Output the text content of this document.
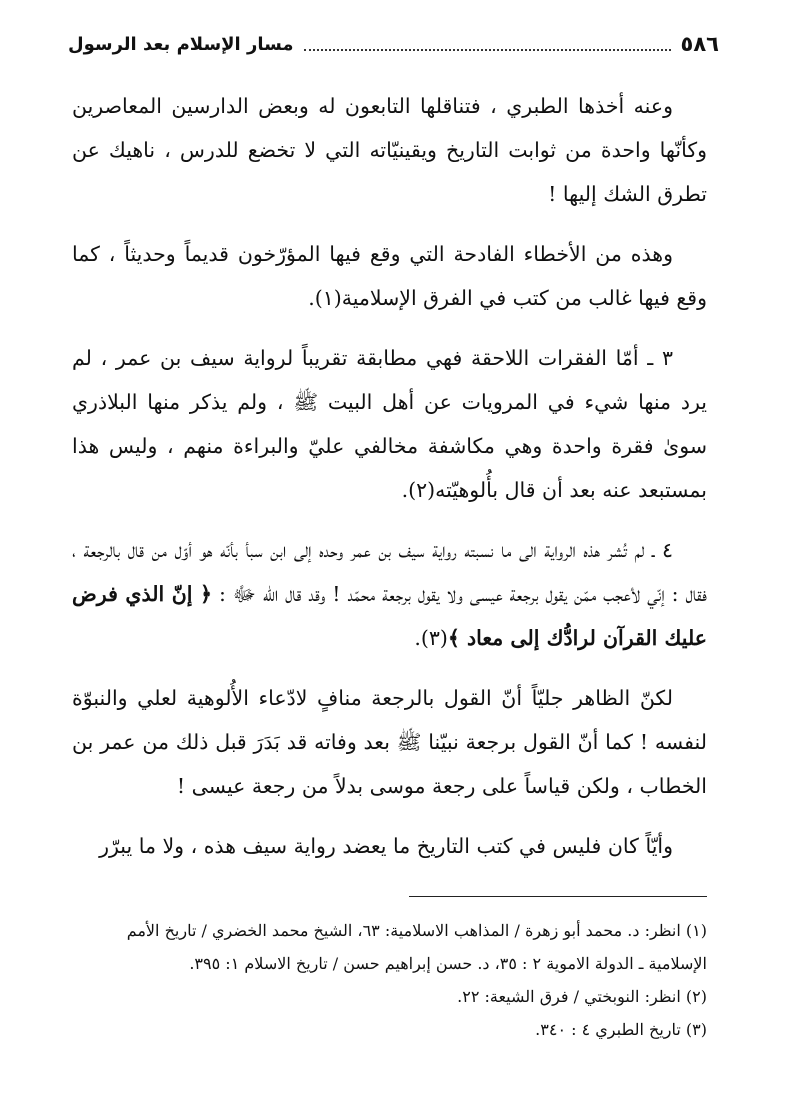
٥٨٦
مسار الإسلام بعد الرسول

وعنه أخذها الطبري ، فتناقلها التابعون له وبعض الدارسين المعاصرين وكأنّها واحدة من ثوابت التاريخ ويقينيّاته التي لا تخضع للدرس ، ناهيك عن تطرق الشك إليها !

وهذه من الأخطاء الفادحة التي وقع فيها المؤرّخون قديماً وحديثاً ، كما وقع فيها غالب من كتب في الفرق الإسلامية(١).

٣ ـ أمّا الفقرات اللاحقة فهي مطابقة تقريباً لرواية سيف بن عمر ، لم يرد منها شيء في المرويات عن أهل البيت ﷺ ، ولم يذكر منها البلاذري سوىٰ فقرة واحدة وهي مكاشفة مخالفي عليّ والبراءة منهم ، وليس هذا بمستبعد عنه بعد أن قال بأُلوهيّته(٢).

٤ ـ لم تُشر هذه الرواية الى ما نسبته رواية سيف بن عمر وحده إلى ابن سبأ بأنّه هو أوّل من قال بالرجعة ، فقال : إنّي لأعجب ممّن يقول برجعة عيسى ولا يقول برجعة محمّد ! وقد قال الله ﷻ : ﴿ إنّ الذي فرض عليك القرآن لرادُّك إلى معاد ﴾(٣).

لكنّ الظاهر جليّاً أنّ القول بالرجعة منافٍ لادّعاء الأُلوهية لعلي والنبوّة لنفسه ! كما أنّ القول برجعة نبيّنا ﷺ بعد وفاته قد بَدَرَ قبل ذلك من عمر بن الخطاب ، ولكن قياساً على رجعة موسى بدلاً من رجعة عيسى !

وأيّاً كان فليس في كتب التاريخ ما يعضد رواية سيف هذه ، ولا ما يبرّر

(١) انظر: د. محمد أبو زهرة / المذاهب الاسلامية: ٦٣، الشيخ محمد الخضري / تاريخ الأمم الإسلامية ـ الدولة الاموية ٢ : ٣٥، د. حسن إبراهيم حسن / تاريخ الاسلام ١: ٣٩٥.

(٢) انظر: النوبختي / فرق الشيعة: ٢٢.

(٣) تاريخ الطبري ٤ : ٣٤٠.
